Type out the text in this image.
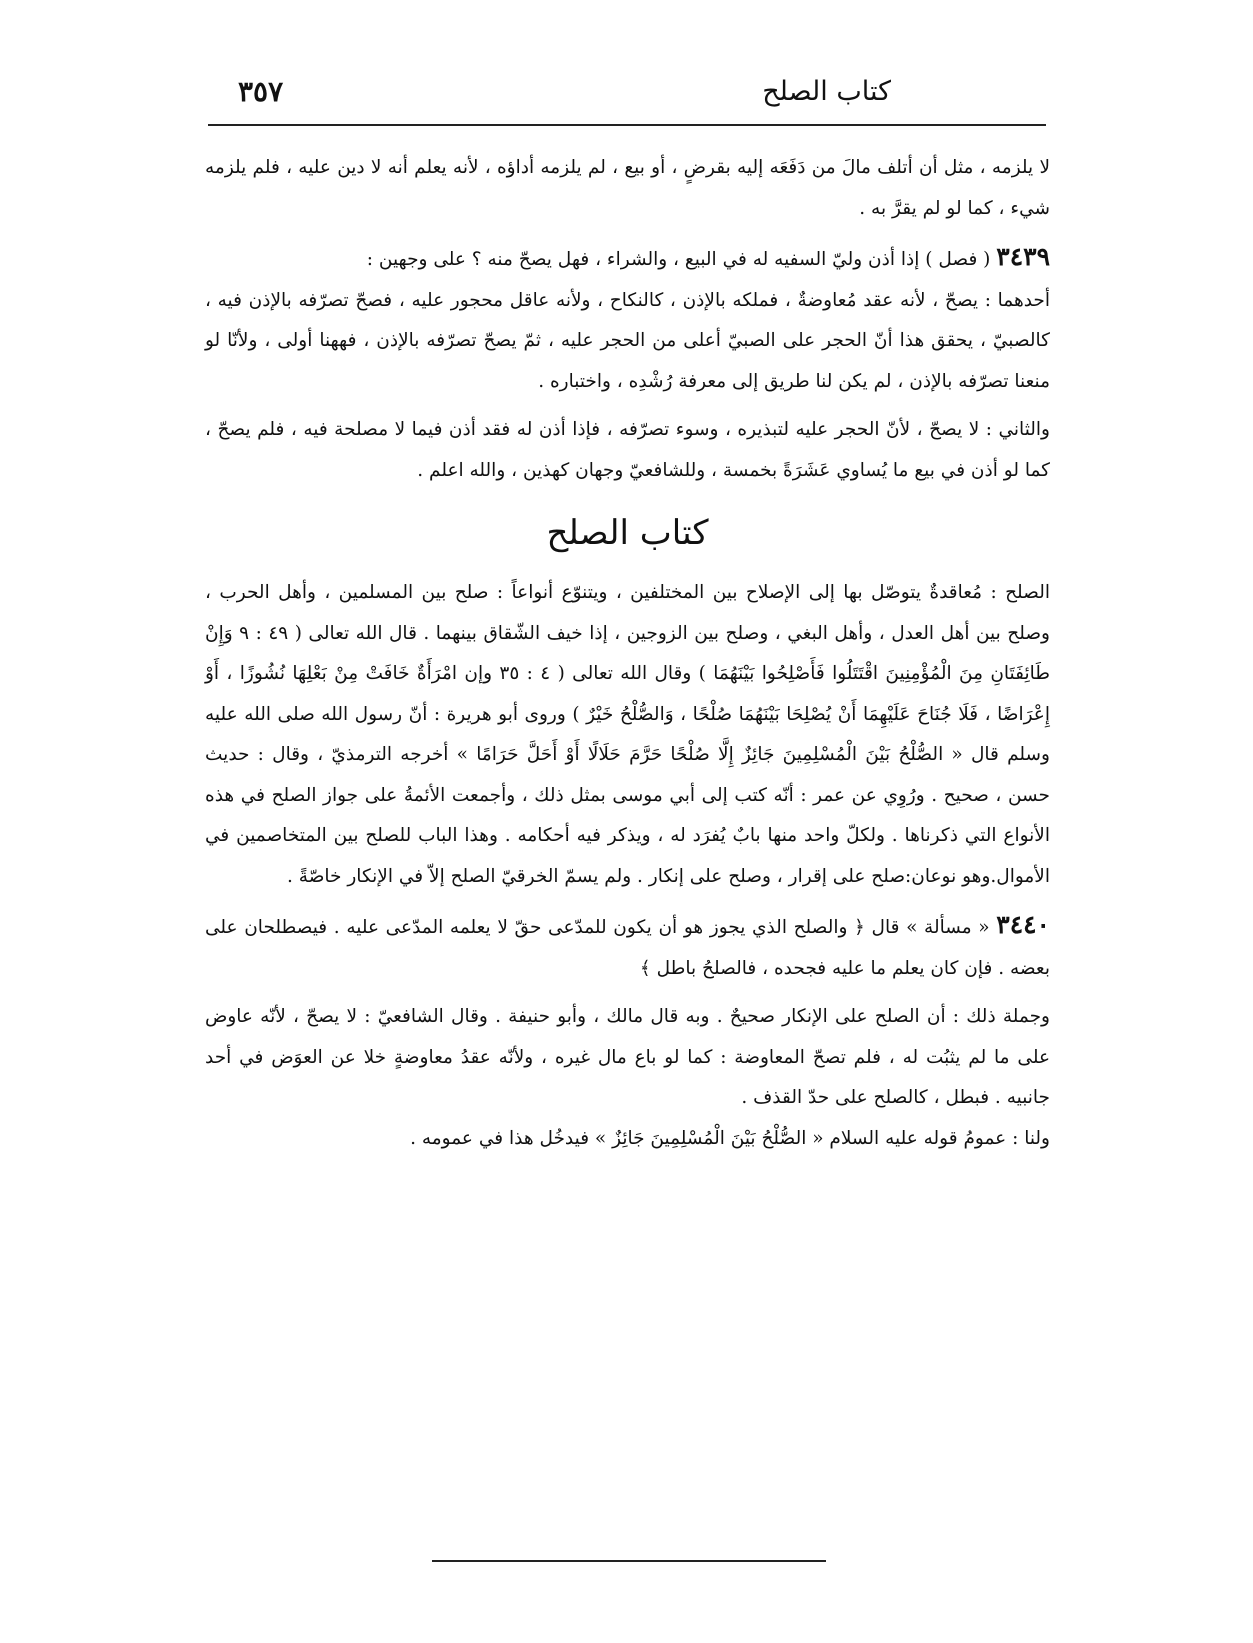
كتاب الصلح
٣٥٧

لا يلزمه ، مثل أن أتلف مالَ من دَفَعَه إليه بقرضٍ ، أو بيع ، لم يلزمه أداؤه ، لأنه يعلم أنه لا دين عليه ، فلم يلزمه شيء ، كما لو لم يقرَّ به .

٣٤٣٩ ( فصل ) إذا أذن وليّ السفيه له في البيع ، والشراء ، فهل يصحّ منه ؟ على وجهين :

أحدهما : يصحّ ، لأنه عقد مُعاوضةٌ ، فملكه بالإذن ، كالنكاح ، ولأنه عاقل محجور عليه ، فصحّ تصرّفه بالإذن فيه ، كالصبيّ ، يحقق هذا أنّ الحجر على الصبيّ أعلى من الحجر عليه ، ثمّ يصحّ تصرّفه بالإذن ، فههنا أولى ، ولأنّا لو منعنا تصرّفه بالإذن ، لم يكن لنا طريق إلى معرفة رُشْدِه ، واختباره .

والثاني : لا يصحّ ، لأنّ الحجر عليه لتبذيره ، وسوء تصرّفه ، فإذا أذن له فقد أذن فيما لا مصلحة فيه ، فلم يصحّ ، كما لو أذن في بيع ما يُساوي عَشَرَةً بخمسة ، وللشافعيّ وجهان كهذين ، والله اعلم .

كتاب الصلح

الصلح : مُعاقدةٌ يتوصّل بها إلى الإصلاح بين المختلفين ، ويتنوّع أنواعاً : صلح بين المسلمين ، وأهل الحرب ، وصلح بين أهل العدل ، وأهل البغي ، وصلح بين الزوجين ، إذا خيف الشّقاق بينهما . قال الله تعالى ( ٤٩ : ٩ وَإِنْ طَائِفَتَانِ مِنَ الْمُؤْمِنِينَ اقْتَتَلُوا فَأَصْلِحُوا بَيْنَهُمَا ) وقال الله تعالى ( ٤ : ٣٥ وإن امْرَأَةٌ خَافَتْ مِنْ بَعْلِهَا نُشُوزًا ، أَوْ إِعْرَاضًا ، فَلَا جُنَاحَ عَلَيْهِمَا أَنْ يُصْلِحَا بَيْنَهُمَا صُلْحًا ، وَالصُّلْحُ خَيْرٌ ) وروى أبو هريرة : أنّ رسول الله صلى الله عليه وسلم قال « الصُّلْحُ بَيْنَ الْمُسْلِمِينَ جَائِزٌ إِلَّا صُلْحًا حَرَّمَ حَلَالًا أَوْ أَحَلَّ حَرَامًا » أخرجه الترمذيّ ، وقال : حديث حسن ، صحيح . ورُوِي عن عمر : أنّه كتب إلى أبي موسى بمثل ذلك ، وأجمعت الأئمةُ على جواز الصلح في هذه الأنواع التي ذكرناها . ولكلّ واحد منها بابٌ يُفرَد له ، ويذكر فيه أحكامه . وهذا الباب للصلح بين المتخاصمين في الأموال.وهو نوعان:صلح على إقرار ، وصلح على إنكار . ولم يسمّ الخرقيّ الصلح إلاّ في الإنكار خاصّةً .

٣٤٤٠ « مسألة » قال ﴿ والصلح الذي يجوز هو أن يكون للمدّعى حقّ لا يعلمه المدّعى عليه . فيصطلحان على بعضه . فإن كان يعلم ما عليه فجحده ، فالصلحُ باطل ﴾

وجملة ذلك : أن الصلح على الإنكار صحيحٌ . وبه قال مالك ، وأبو حنيفة . وقال الشافعيّ : لا يصحّ ، لأنّه عاوض على ما لم يثبُت له ، فلم تصحّ المعاوضة : كما لو باع مال غيره ، ولأنّه عقدُ معاوضةٍ خلا عن العوَض في أحد جانبيه . فبطل ، كالصلح على حدّ القذف .

ولنا : عمومُ قوله عليه السلام « الصُّلْحُ بَيْنَ الْمُسْلِمِينَ جَائِزٌ » فيدخُل هذا في عمومه .
